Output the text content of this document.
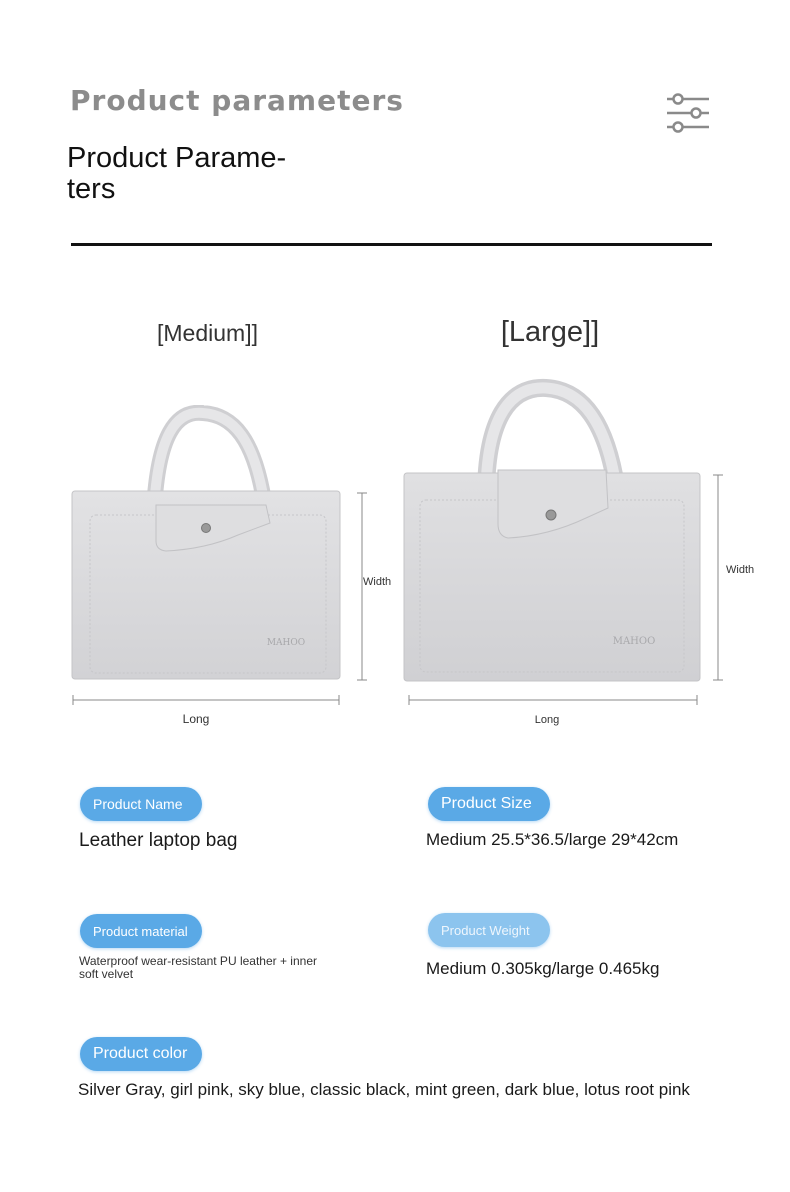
Product parameters
Product Parame-
ters
[Medium]]	[Large]]
MAHOO
Width
Long
MAHOO
Width
Long
Product Name
Leather laptop bag
Product Size
Medium 25.5*36.5/large 29*42cm
Product material
Waterproof wear-resistant PU leather + inner soft velvet
Product Weight
Medium 0.305kg/large 0.465kg
Product color
Silver Gray, girl pink, sky blue, classic black, mint green, dark blue, lotus root pink
